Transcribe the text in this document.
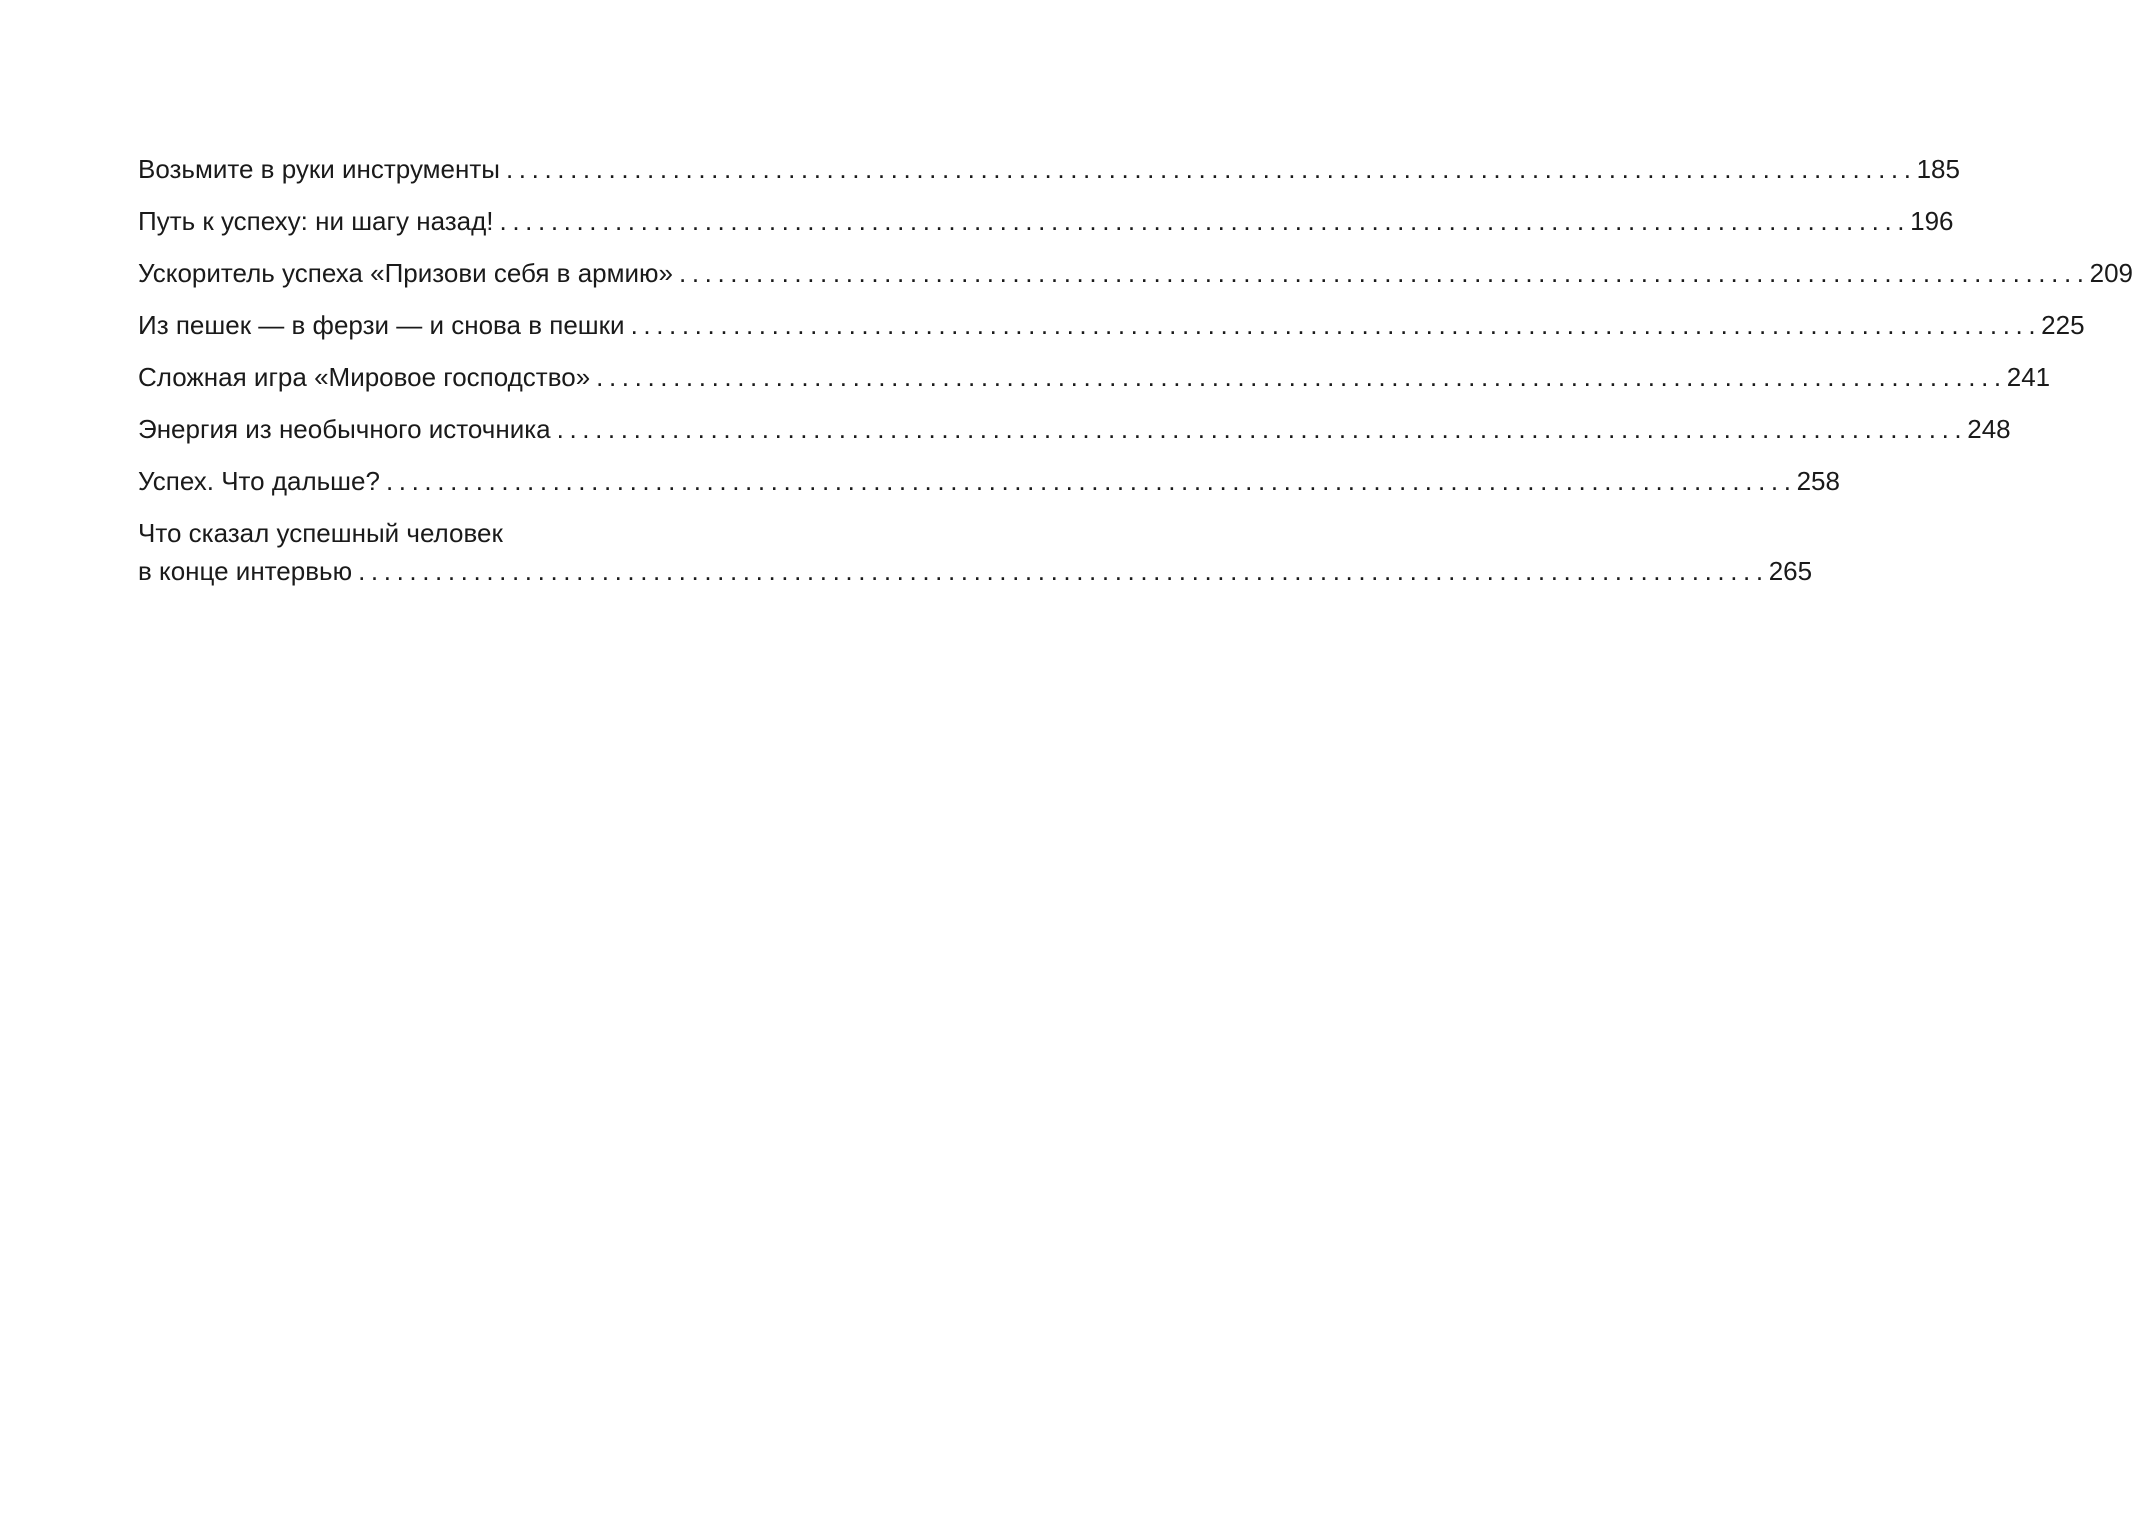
Возьмите в руки инструменты .............................................................................................................. 185
Путь к успеху: ни шагу назад! .............................................................................................................. 196
Ускоритель успеха «Призови себя в армию» .............................................................................................................. 209
Из пешек — в ферзи — и снова в пешки .............................................................................................................. 225
Сложная игра «Мировое господство» .............................................................................................................. 241
Энергия из необычного источника .............................................................................................................. 248
Успех. Что дальше? .............................................................................................................. 258
Что сказал успешный человек
в конце интервью .............................................................................................................. 265
